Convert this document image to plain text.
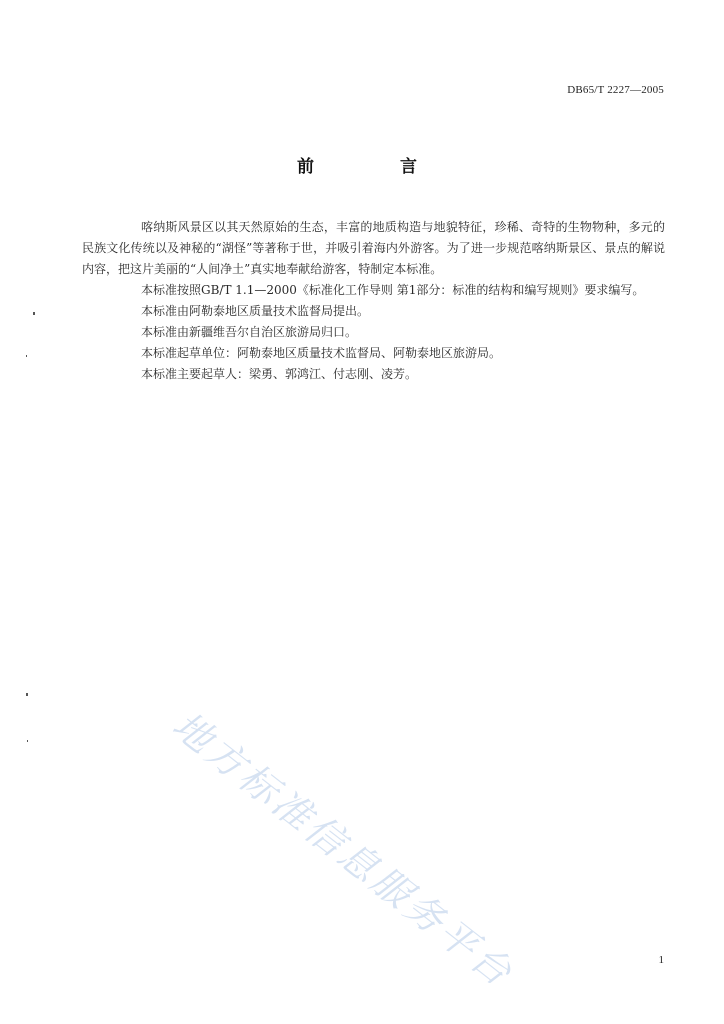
DB65/T 2227—2005
前 言

喀纳斯风景区以其天然原始的生态，丰富的地质构造与地貌特征，珍稀、奇特的生物物种，多元的民族文化传统以及神秘的“湖怪”等著称于世，并吸引着海内外游客。为了进一步规范喀纳斯景区、景点的解说内容，把这片美丽的“人间净土”真实地奉献给游客，特制定本标准。

本标准按照GB/T 1.1—2000《标准化工作导则 第1部分：标准的结构和编写规则》要求编写。

本标准由阿勒泰地区质量技术监督局提出。

本标准由新疆维吾尔自治区旅游局归口。

本标准起草单位：阿勒泰地区质量技术监督局、阿勒泰地区旅游局。

本标准主要起草人：梁勇、郭鸿江、付志刚、凌芳。

地方标准信息服务平台	1
